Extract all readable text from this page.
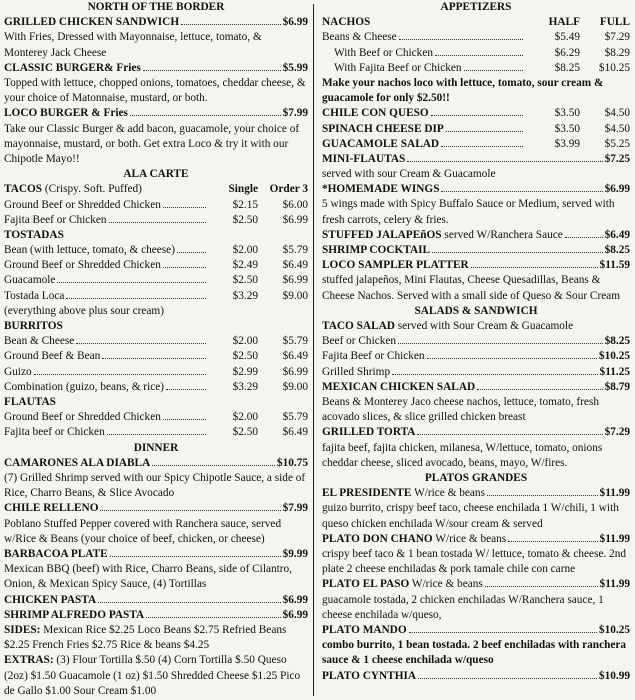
NORTH OF THE BORDER
GRILLED CHICKEN SANDWICH	$6.99
With Fries, Dressed with Mayonnaise, lettuce, tomato, & Monterey Jack Cheese
CLASSIC BURGER& Fries	$5.99
Topped with lettuce, chopped onions, tomatoes, cheddar cheese, & your choice of Matonnaise, mustard, or both.
LOCO BURGER & Fries	$7.99
Take our Classic Burger & add bacon, guacamole, your choice of mayonnaise, mustard, or both. Get extra Loco & try it with our Chipotle Mayo!!
ALA CARTE
TACOS (Crispy. Soft. Puffed)	Single	Order 3
Ground Beef or Shredded Chicken	$2.15	$6.00
Fajita Beef or Chicken	$2.50	$6.99
TOSTADAS
Bean (with lettuce, tomato, & cheese)	$2.00	$5.79
Ground Beef or Shredded Chicken	$2.49	$6.49
Guacamole	$2.50	$6.99
Tostada Loca	$3.29	$9.00
(everything above plus sour cream)
BURRITOS
Bean & Cheese	$2.00	$5.79
Ground Beef & Bean	$2.50	$6.49
Guizo	$2.99	$6.99
Combination (guizo, beans, & rice)	$3.29	$9.00
FLAUTAS
Ground Beef or Shredded Chicken	$2.00	$5.79
Fajita beef or Chicken	$2.50	$6.49
DINNER
CAMARONES ALA DIABLA	$10.75
(7) Grilled Shrimp served with our Spicy Chipotle Sauce, a side of Rice, Charro Beans, & Slice Avocado
CHILE RELLENO	$7.99
Poblano Stuffed Pepper covered with Ranchera sauce, served w/Rice & Beans (your choice of beef, chicken, or cheese)
BARBACOA PLATE	$9.99
Mexican BBQ (beef) with Rice, Charro Beans, side of Cilantro, Onion, & Mexican Spicy Sauce, (4) Tortillas
CHICKEN PASTA	$6.99
SHRIMP ALFREDO PASTA	$6.99
SIDES: Mexican Rice $2.25 Loco Beans $2.75 Refried Beans $2.25 French Fries $2.75 Rice & beans $4.25
EXTRAS: (3) Flour Tortilla $.50 (4) Corn Tortilla $.50 Queso (2oz) $1.50 Guacamole (1 oz) $1.50 Shredded Cheese $1.25 Pico de Gallo $1.00 Sour Cream $1.00
APPETIZERS
NACHOS	HALF	FULL
Beans & Cheese	$5.49	$7.29
With Beef or Chicken	$6.29	$8.29
With Fajita Beef or Chicken	$8.25	$10.25
Make your nachos loco with lettuce, tomato, sour cream & guacamole for only $2.50!!
CHILE CON QUESO	$3.50	$4.50
SPINACH CHEESE DIP	$3.50	$4.50
GUACAMOLE SALAD	$3.99	$5.25
MINI-FLAUTAS	$7.25
served with sour Cream & Guacamole
*HOMEMADE WINGS	$6.99
5 wings made with Spicy Buffalo Sauce or Medium, served with fresh carrots, celery & fries.
STUFFED JALAPEñOS served W/Ranchera Sauce	$6.49
SHRIMP COCKTAIL	$8.25
LOCO SAMPLER PLATTER	$11.59
stuffed jalapeños, Mini Flautas, Cheese Quesadillas, Beans & Cheese Nachos. Served with a small side of Queso & Sour Cream
SALADS & SANDWICH
TACO SALAD served with Sour Cream & Guacamole
Beef or Chicken	$8.25
Fajita Beef or Chicken	$10.25
Grilled Shrimp	$11.25
MEXICAN CHICKEN SALAD	$8.79
Beans & Monterey Jaco cheese nachos, lettuce, tomato, fresh acovado slices, & slice grilled chicken breast
GRILLED TORTA	$7.29
fajita beef, fajita chicken, milanesa, W/lettuce, tomato, onions cheddar cheese, sliced avocado, beans, mayo, W/fires.
PLATOS GRANDES
EL PRESIDENTE W/rice & beans	$11.99
guizo burrito, crispy beef taco, cheese enchilada 1 W/chili, 1 with queso chicken enchilada W/sour cream & served
PLATO DON CHANO W/rice & beans	$11.99
crispy beef taco & 1 bean tostada W/ lettuce, tomato & cheese. 2nd plate 2 cheese enchiladas & pork tamale chile con carne
PLATO EL PASO W/rice & beans	$11.99
guacamole tostada, 2 chicken enchiladas W/Ranchera sauce, 1 cheese enchilada w/queso,
PLATO MANDO	$10.25
combo burrito, 1 bean tostada. 2 beef enchiladas with ranchera sauce & 1 cheese enchilada w/queso
PLATO CYNTHIA	$10.99
